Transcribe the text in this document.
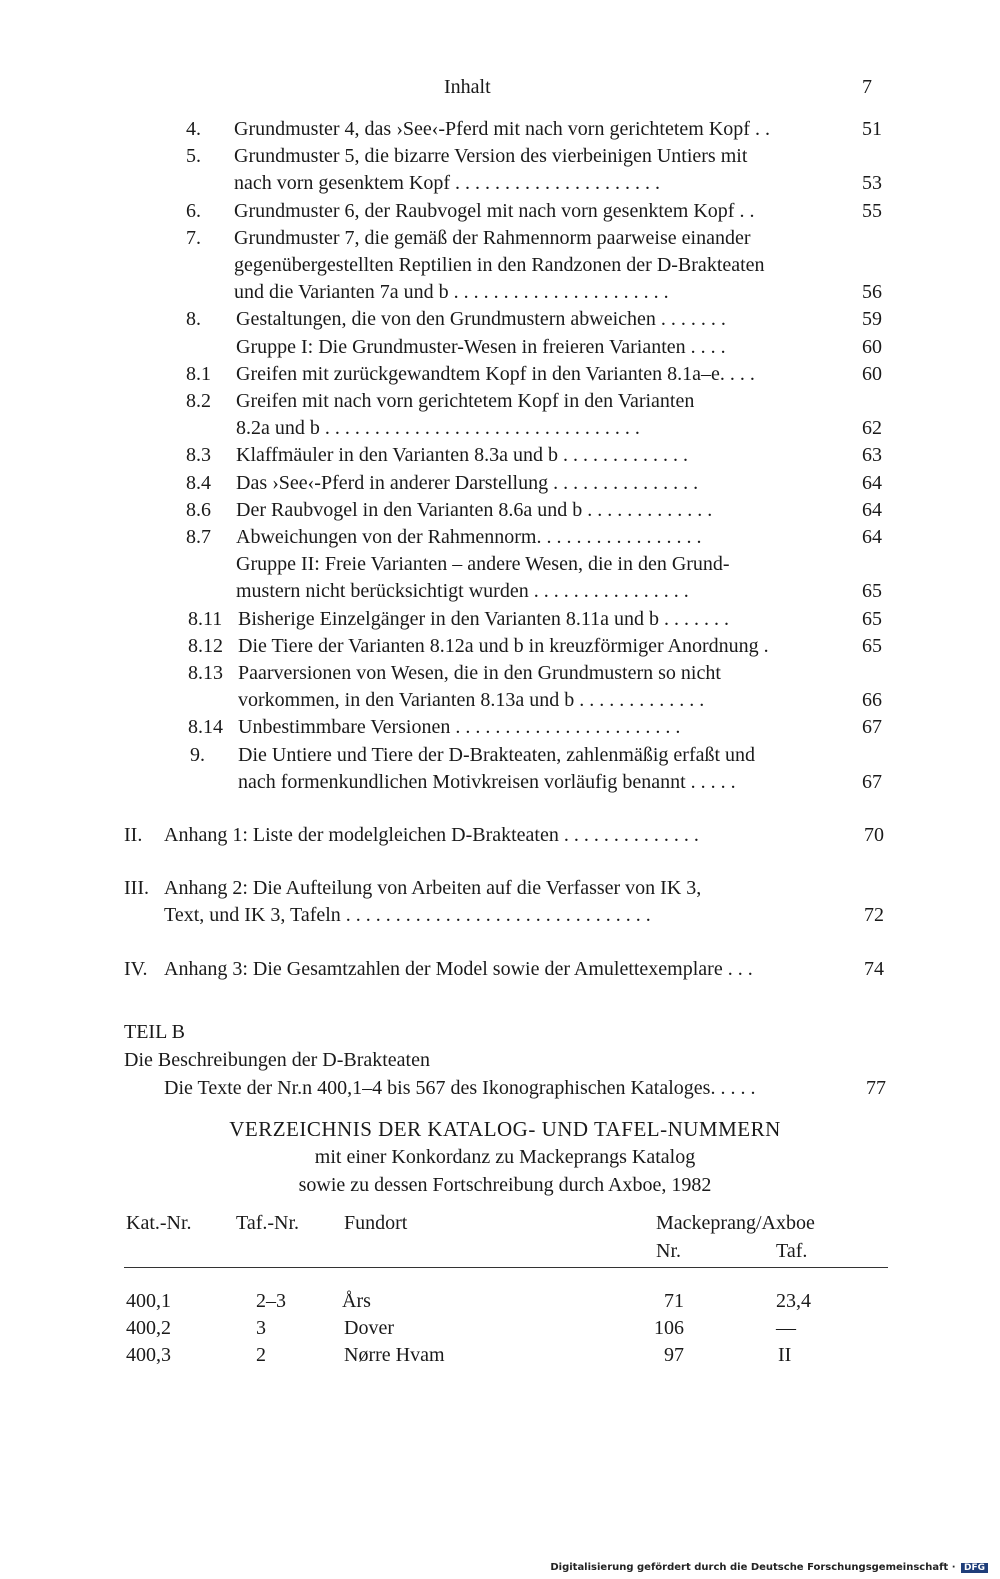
Inhalt	7
4. Grundmuster 4, das ›See‹-Pferd mit nach vorn gerichtetem Kopf . .	51
5. Grundmuster 5, die bizarre Version des vierbeinigen Untiers mit
nach vorn gesenktem Kopf . . . . . . . . . . . . . . . . . . . . .	53
6. Grundmuster 6, der Raubvogel mit nach vorn gesenktem Kopf . .	55
7. Grundmuster 7, die gemäß der Rahmennorm paarweise einander
gegenübergestellten Reptilien in den Randzonen der D-Brakteaten
und die Varianten 7a und b . . . . . . . . . . . . . . . . . . . . . .	56
8. Gestaltungen, die von den Grundmustern abweichen . . . . . . .	59
Gruppe I: Die Grundmuster-Wesen in freieren Varianten . . . .	60
8.1 Greifen mit zurückgewandtem Kopf in den Varianten 8.1a–e. . . .	60
8.2 Greifen mit nach vorn gerichtetem Kopf in den Varianten
8.2a und b . . . . . . . . . . . . . . . . . . . . . . . . . . . . . . . .	62
8.3 Klaffmäuler in den Varianten 8.3a und b . . . . . . . . . . . . .	63
8.4 Das ›See‹-Pferd in anderer Darstellung . . . . . . . . . . . . . . .	64
8.6 Der Raubvogel in den Varianten 8.6a und b . . . . . . . . . . . . .	64
8.7 Abweichungen von der Rahmennorm. . . . . . . . . . . . . . . . .	64
Gruppe II: Freie Varianten – andere Wesen, die in den Grund-
mustern nicht berücksichtigt wurden . . . . . . . . . . . . . . . .	65
8.11 Bisherige Einzelgänger in den Varianten 8.11a und b . . . . . . .	65
8.12 Die Tiere der Varianten 8.12a und b in kreuzförmiger Anordnung .	65
8.13 Paarversionen von Wesen, die in den Grundmustern so nicht
vorkommen, in den Varianten 8.13a und b . . . . . . . . . . . . .	66
8.14 Unbestimmbare Versionen . . . . . . . . . . . . . . . . . . . . . . .	67
9. Die Untiere und Tiere der D-Brakteaten, zahlenmäßig erfaßt und
nach formenkundlichen Motivkreisen vorläufig benannt . . . . .	67
II. Anhang 1: Liste der modelgleichen D-Brakteaten . . . . . . . . . . . . . .	70
III. Anhang 2: Die Aufteilung von Arbeiten auf die Verfasser von IK 3,
Text, und IK 3, Tafeln . . . . . . . . . . . . . . . . . . . . . . . . . . . . . . .	72
IV. Anhang 3: Die Gesamtzahlen der Model sowie der Amulettexemplare . . .	74
TEIL B
Die Beschreibungen der D-Brakteaten
Die Texte der Nr.n 400,1–4 bis 567 des Ikonographischen Kataloges. . . . .	77
VERZEICHNIS DER KATALOG- UND TAFEL-NUMMERN
mit einer Konkordanz zu Mackeprangs Katalog
sowie zu dessen Fortschreibung durch Axboe, 1982
Kat.-Nr. Taf.-Nr. Fundort	Mackeprang/Axboe
Nr.	Taf.
400,1	2–3	Års	71	23,4
400,2	3	Dover	106	—
400,3	2	Nørre Hvam	97	II
Digitalisierung gefördert durch die Deutsche Forschungsgemeinschaft · DFG
